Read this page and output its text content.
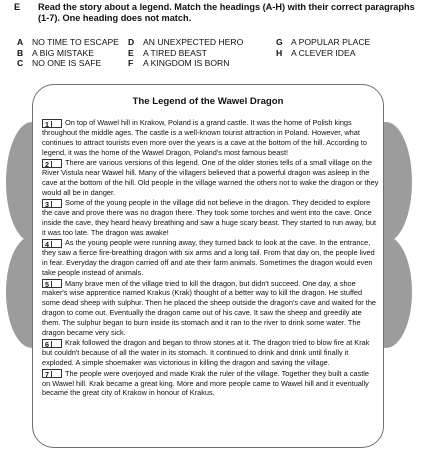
E Read the story about a legend. Match the headings (A-H) with their correct paragraphs (1-7). One heading does not match.
A	NO TIME TO ESCAPE	D	AN UNEXPECTED HERO	G	A POPULAR PLACE
B	A BIG MISTAKE	E	A TIRED BEAST	H	A CLEVER IDEA
C	NO ONE IS SAFE	F	A KINGDOM IS BORN		
The Legend of the Wawel Dragon

1 On top of Wawel hill in Krakow, Poland is a grand castle. It was the home of Polish kings throughout the middle ages. The castle is a well-known tourist attraction in Poland. However, what continues to attract tourists even more over the years is a cave at the bottom of the hill. According to legend, it was the home of the Wawel Dragon, Poland's most famous beast!

2 There are various versions of this legend. One of the older stories tells of a small village on the River Vistula near Wawel hill. Many of the villagers believed that a powerful dragon was asleep in the cave at the bottom of the hill. Old people in the village warned the others not to wake the dragon or they would all be in danger.

3 Some of the young people in the village did not believe in the dragon. They decided to explore the cave and prove there was no dragon there. They took some torches and went into the cave. Once inside the cave, they heard heavy breathing and saw a huge scary beast. They started to run away, but it was too late. The dragon was awake!

4 As the young people were running away, they turned back to look at the cave. In the entrance, they saw a fierce fire-breathing dragon with six arms and a long tail. From that day on, the people lived in fear. Everyday the dragon carried off and ate their farm animals. Sometimes the dragon would even take people instead of animals.

5 Many brave men of the village tried to kill the dragon, but didn't succeed. One day, a shoe maker's wise apprentice named Krakus (Krak) thought of a better way to kill the dragon. He stuffed some dead sheep with sulphur. Then he placed the sheep outside the dragon's cave and waited for the dragon to come out. Eventually the dragon came out of his cave. It saw the sheep and greedily ate them. The sulphur began to burn inside its stomach and it ran to the river to drink some water. The dragon became very sick.

6 Krak followed the dragon and began to throw stones at it. The dragon tried to blow fire at Krak but couldn't because of all the water in its stomach. It continued to drink and drink until finally it exploded. A simple shoemaker was victorious in killing the dragon and saving the village.

7 The people were overjoyed and made Krak the ruler of the village. Together they built a castle on Wawel hill. Krak became a great king. More and more people came to Wawel hill and it eventually became the great city of Krakow in honour of Krakus.
